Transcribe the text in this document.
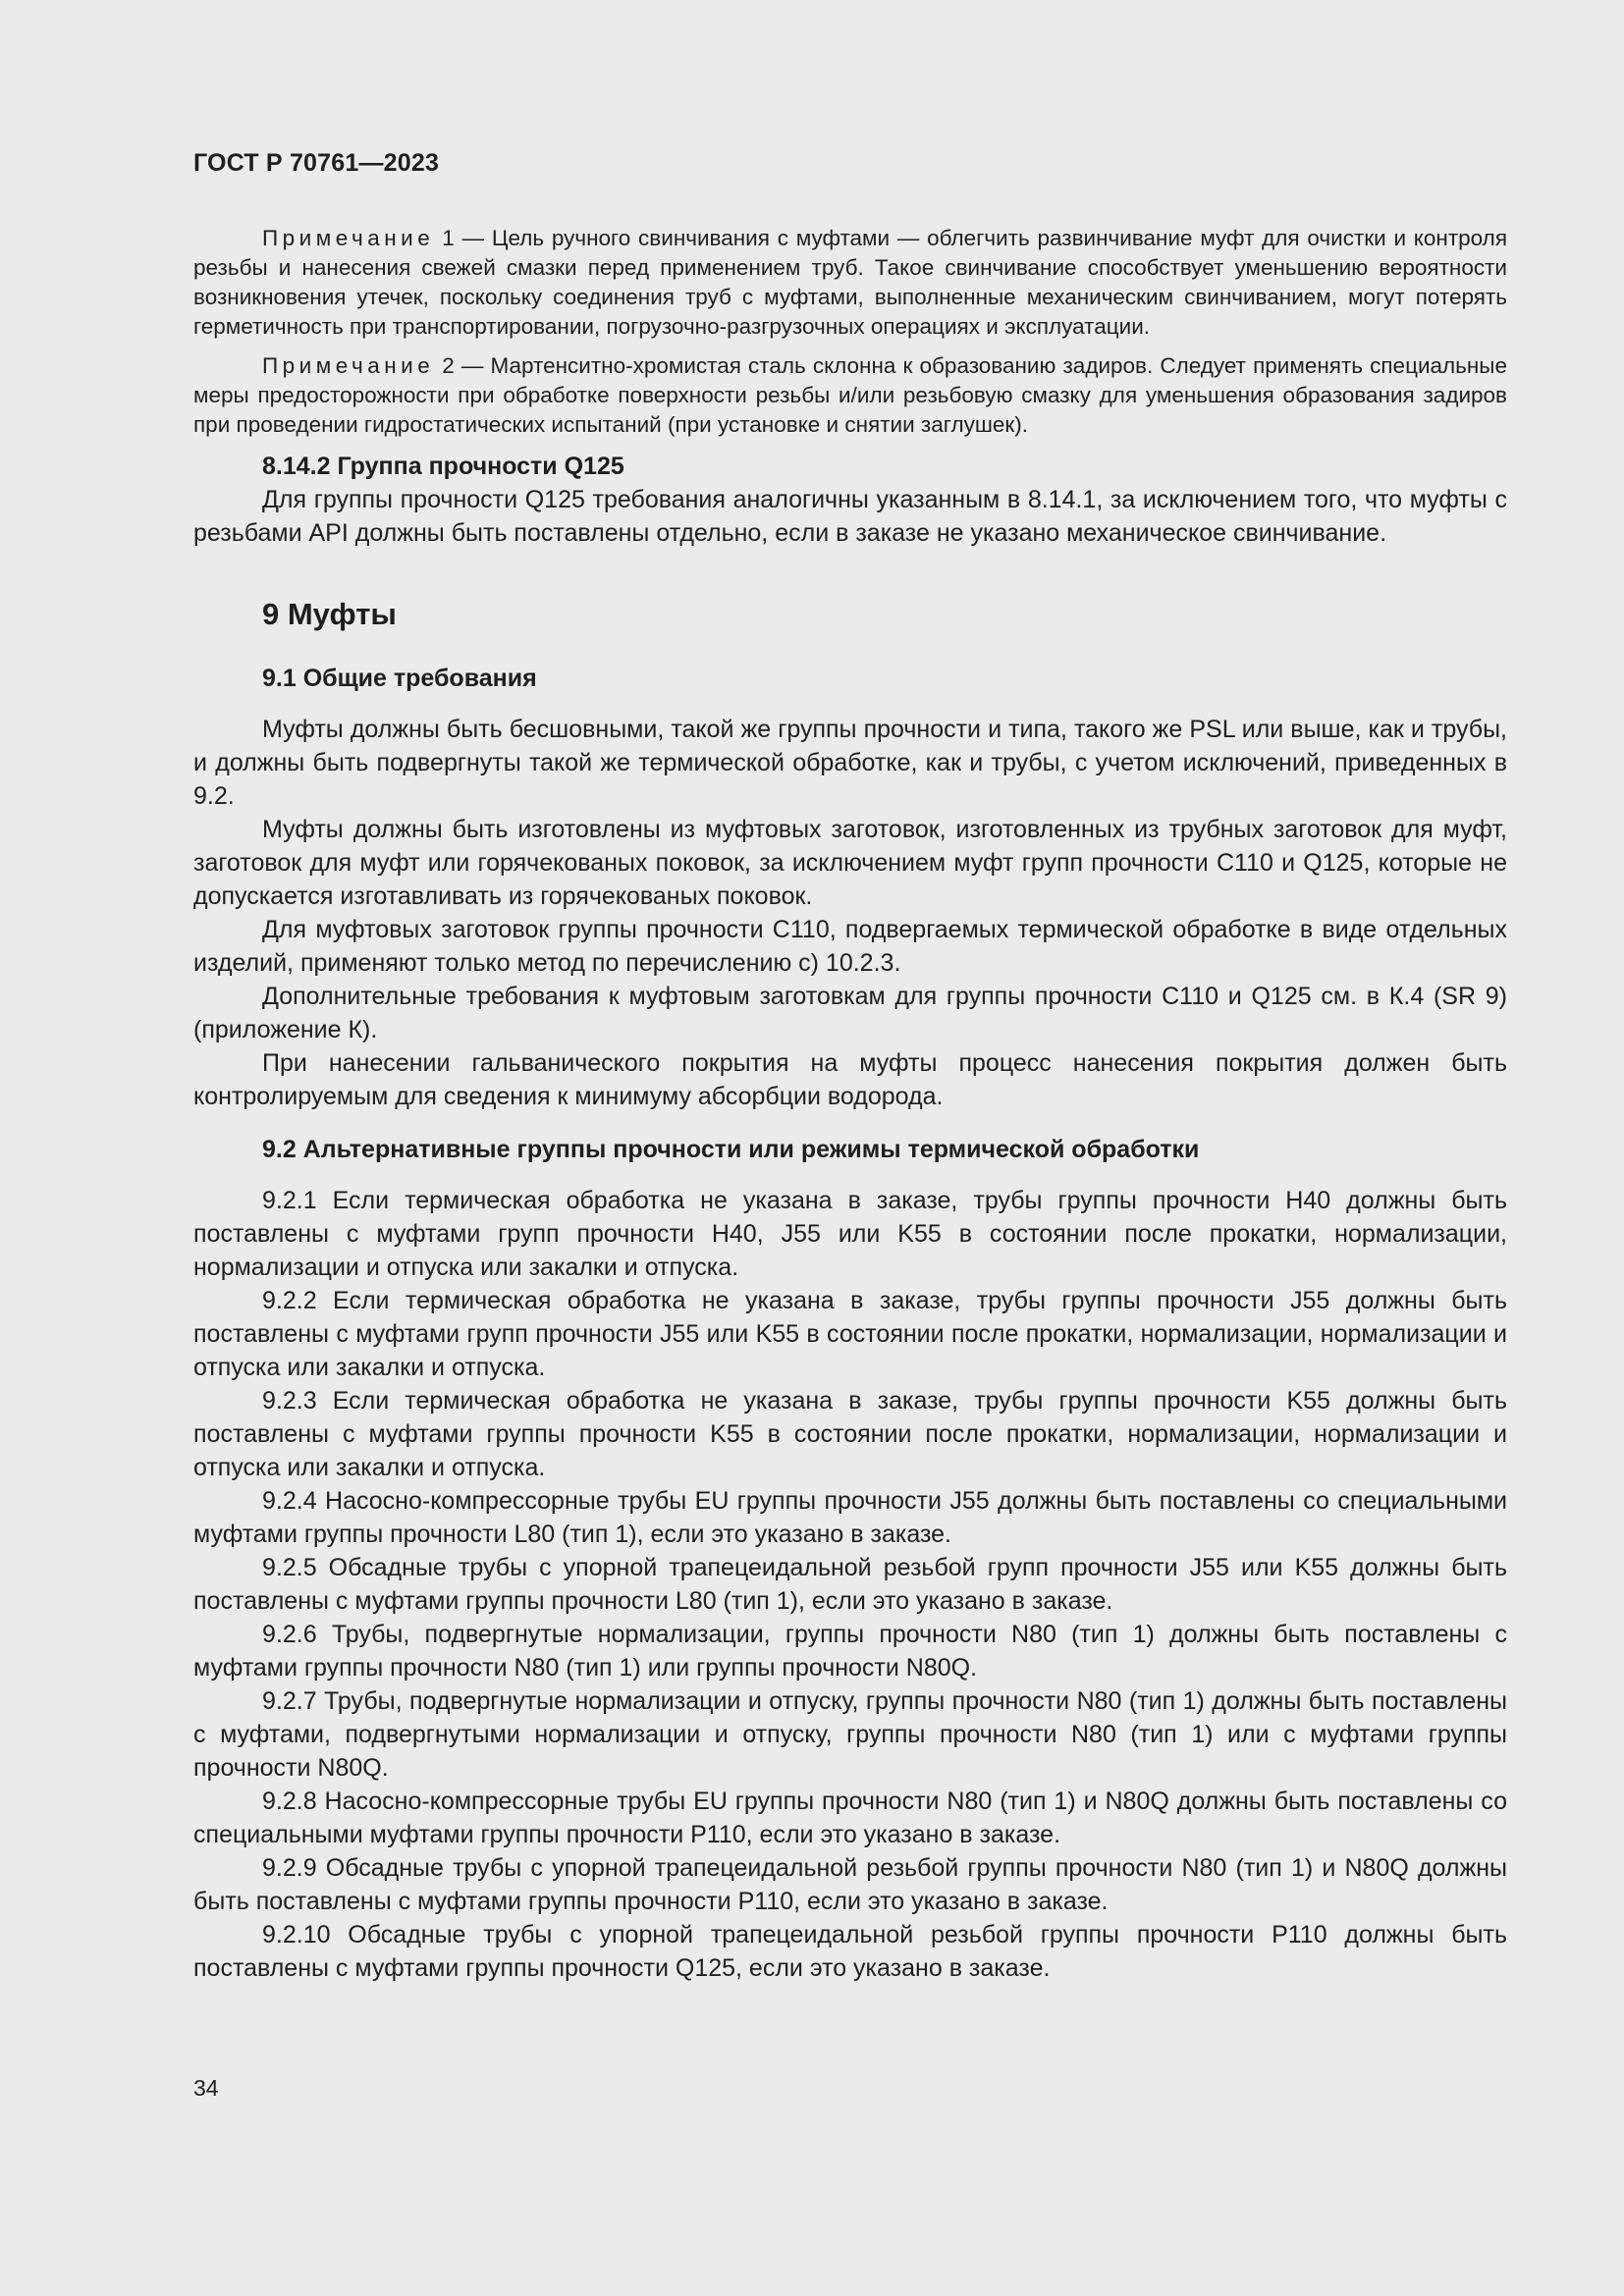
ГОСТ Р 70761—2023

Примечание 1 — Цель ручного свинчивания с муфтами — облегчить развинчивание муфт для очистки и контроля резьбы и нанесения свежей смазки перед применением труб. Такое свинчивание способствует уменьшению вероятности возникновения утечек, поскольку соединения труб с муфтами, выполненные механическим свинчиванием, могут потерять герметичность при транспортировании, погрузочно-разгрузочных операциях и эксплуатации.

Примечание 2 — Мартенситно-хромистая сталь склонна к образованию задиров. Следует применять специальные меры предосторожности при обработке поверхности резьбы и/или резьбовую смазку для уменьшения образования задиров при проведении гидростатических испытаний (при установке и снятии заглушек).

8.14.2 Группа прочности Q125

Для группы прочности Q125 требования аналогичны указанным в 8.14.1, за исключением того, что муфты с резьбами API должны быть поставлены отдельно, если в заказе не указано механическое свинчивание.

9 Муфты
9.1 Общие требования

Муфты должны быть бесшовными, такой же группы прочности и типа, такого же PSL или выше, как и трубы, и должны быть подвергнуты такой же термической обработке, как и трубы, с учетом исключений, приведенных в 9.2.

Муфты должны быть изготовлены из муфтовых заготовок, изготовленных из трубных заготовок для муфт, заготовок для муфт или горячекованых поковок, за исключением муфт групп прочности C110 и Q125, которые не допускается изготавливать из горячекованых поковок.

Для муфтовых заготовок группы прочности C110, подвергаемых термической обработке в виде отдельных изделий, применяют только метод по перечислению с) 10.2.3.

Дополнительные требования к муфтовым заготовкам для группы прочности C110 и Q125 см. в К.4 (SR 9) (приложение К).

При нанесении гальванического покрытия на муфты процесс нанесения покрытия должен быть контролируемым для сведения к минимуму абсорбции водорода.

9.2 Альтернативные группы прочности или режимы термической обработки

9.2.1 Если термическая обработка не указана в заказе, трубы группы прочности H40 должны быть поставлены с муфтами групп прочности H40, J55 или K55 в состоянии после прокатки, нормализации, нормализации и отпуска или закалки и отпуска.

9.2.2 Если термическая обработка не указана в заказе, трубы группы прочности J55 должны быть поставлены с муфтами групп прочности J55 или K55 в состоянии после прокатки, нормализации, нормализации и отпуска или закалки и отпуска.

9.2.3 Если термическая обработка не указана в заказе, трубы группы прочности K55 должны быть поставлены с муфтами группы прочности K55 в состоянии после прокатки, нормализации, нормализации и отпуска или закалки и отпуска.

9.2.4 Насосно-компрессорные трубы EU группы прочности J55 должны быть поставлены со специальными муфтами группы прочности L80 (тип 1), если это указано в заказе.

9.2.5 Обсадные трубы с упорной трапецеидальной резьбой групп прочности J55 или K55 должны быть поставлены с муфтами группы прочности L80 (тип 1), если это указано в заказе.

9.2.6 Трубы, подвергнутые нормализации, группы прочности N80 (тип 1) должны быть поставлены с муфтами группы прочности N80 (тип 1) или группы прочности N80Q.

9.2.7 Трубы, подвергнутые нормализации и отпуску, группы прочности N80 (тип 1) должны быть поставлены с муфтами, подвергнутыми нормализации и отпуску, группы прочности N80 (тип 1) или с муфтами группы прочности N80Q.

9.2.8 Насосно-компрессорные трубы EU группы прочности N80 (тип 1) и N80Q должны быть поставлены со специальными муфтами группы прочности P110, если это указано в заказе.

9.2.9 Обсадные трубы с упорной трапецеидальной резьбой группы прочности N80 (тип 1) и N80Q должны быть поставлены с муфтами группы прочности P110, если это указано в заказе.

9.2.10 Обсадные трубы с упорной трапецеидальной резьбой группы прочности P110 должны быть поставлены с муфтами группы прочности Q125, если это указано в заказе.

34
